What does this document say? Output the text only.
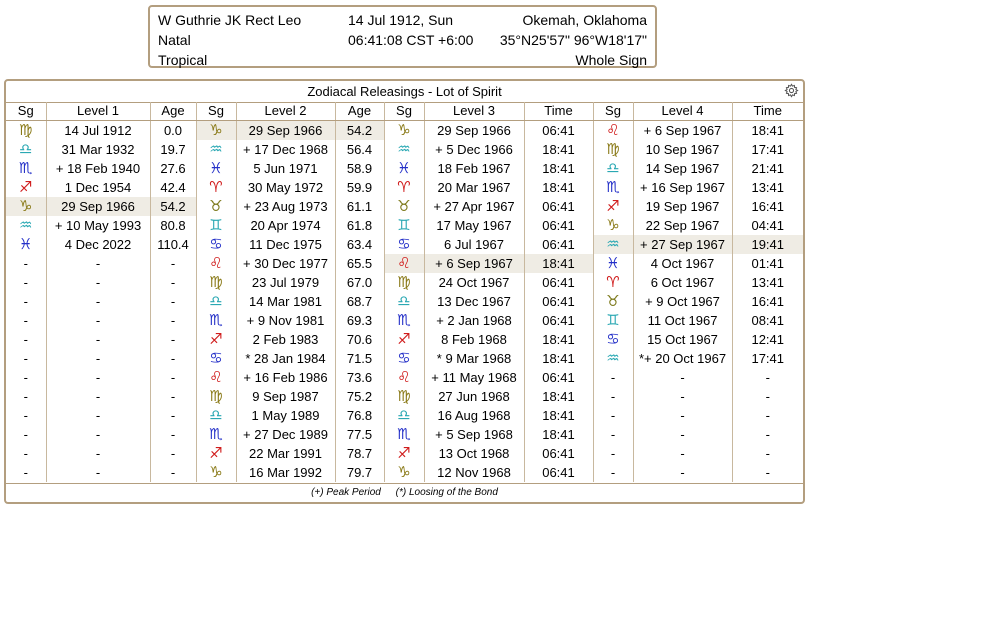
W Guthrie JK Rect Leo	14 Jul 1912, Sun	Okemah, Oklahoma
Natal	06:41:08 CST +6:00 35°N25'57" 96°W18'17"
Tropical	Whole Sign
Zodiacal Releasings - Lot of Spirit
Sg	Level 1	Age	Sg	Level 2	Age	Sg	Level 3	Time	Sg	Level 4	Time

♍	14 Jul 1912	0.0	♑	29 Sep 1966	54.2	♑	29 Sep 1966	06:41	♌	+ 6 Sep 1967	18:41

♎	31 Mar 1932	19.7	♒	+ 17 Dec 1968	56.4	♒	+ 5 Dec 1966	18:41	♍	10 Sep 1967	17:41

♏	+ 18 Feb 1940	27.6	♓	5 Jun 1971	58.9	♓	18 Feb 1967	18:41	♎	14 Sep 1967	21:41

♐	1 Dec 1954	42.4	♈	30 May 1972	59.9	♈	20 Mar 1967	18:41	♏	+ 16 Sep 1967	13:41

♑	29 Sep 1966	54.2	♉	+ 23 Aug 1973	61.1	♉	+ 27 Apr 1967	06:41	♐	19 Sep 1967	16:41

♒	+ 10 May 1993	80.8	♊	20 Apr 1974	61.8	♊	17 May 1967	06:41	♑	22 Sep 1967	04:41

♓	4 Dec 2022	110.4	♋	11 Dec 1975	63.4	♋	6 Jul 1967	06:41	♒	+ 27 Sep 1967	19:41
-	-	-	♌	+ 30 Dec 1977	65.5	♌	+ 6 Sep 1967	18:41	♓	4 Oct 1967	01:41
-	-	-	♍	23 Jul 1979	67.0	♍	24 Oct 1967	06:41	♈	6 Oct 1967	13:41
-	-	-	♎	14 Mar 1981	68.7	♎	13 Dec 1967	06:41	♉	+ 9 Oct 1967	16:41
-	-	-	♏	+ 9 Nov 1981	69.3	♏	+ 2 Jan 1968	06:41	♊	11 Oct 1967	08:41
-	-	-	♐	2 Feb 1983	70.6	♐	8 Feb 1968	18:41	♋	15 Oct 1967	12:41
-	-	-	♋	* 28 Jan 1984	71.5	♋	* 9 Mar 1968	18:41	♒	*+ 20 Oct 1967	17:41
-	-	-	♌	+ 16 Feb 1986	73.6	♌	+ 11 May 1968	06:41	-	-	-
-	-	-	♍	9 Sep 1987	75.2	♍	27 Jun 1968	18:41	-	-	-
-	-	-	♎	1 May 1989	76.8	♎	16 Aug 1968	18:41	-	-	-
-	-	-	♏	+ 27 Dec 1989	77.5	♏	+ 5 Sep 1968	18:41	-	-	-
-	-	-	♐	22 Mar 1991	78.7	♐	13 Oct 1968	06:41	-	-	-
-	-	-	♑	16 Mar 1992	79.7	♑	12 Nov 1968	06:41	-	-	-
(+) Peak Period (*) Loosing of the Bond
